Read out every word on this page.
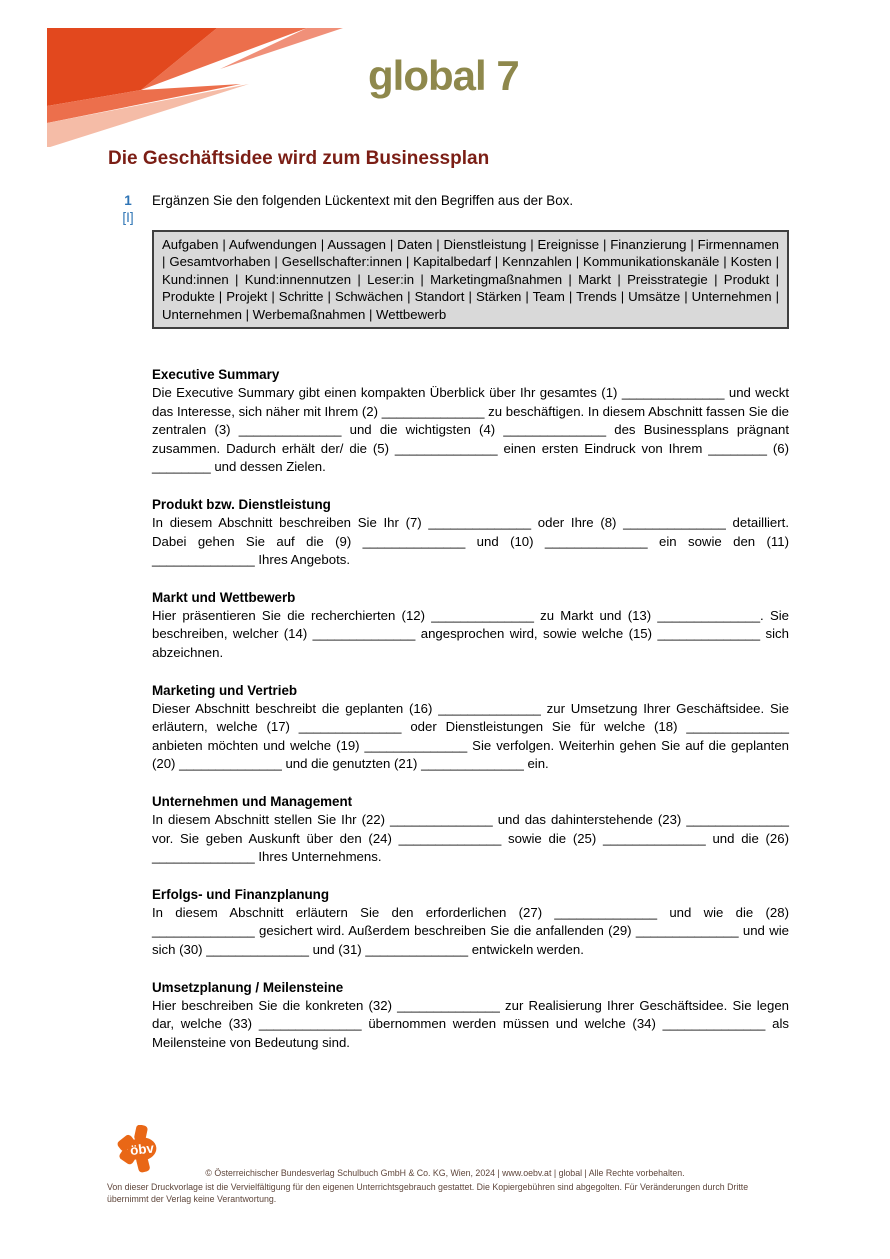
global 7
Die Geschäftsidee wird zum Businessplan
1
[I]
Ergänzen Sie den folgenden Lückentext mit den Begriffen aus der Box.
Aufgaben | Aufwendungen | Aussagen | Daten | Dienstleistung | Ereignisse | Finanzierung | Firmennamen | Gesamtvorhaben | Gesellschafter:innen | Kapitalbedarf | Kennzahlen | Kommunikationskanäle | Kosten | Kund:innen | Kund:innennutzen | Leser:in | Marketingmaßnahmen | Markt | Preisstrategie | Produkt | Produkte | Projekt | Schritte | Schwächen | Standort | Stärken | Team | Trends | Umsätze | Unternehmen | Unternehmen | Werbemaßnahmen | Wettbewerb
Executive Summary

Die Executive Summary gibt einen kompakten Überblick über Ihr gesamtes (1) ______________ und weckt das Interesse, sich näher mit Ihrem (2) ______________ zu beschäftigen. In diesem Abschnitt fassen Sie die zentralen (3) ______________ und die wichtigsten (4) ______________ des Businessplans prägnant zusammen. Dadurch erhält der/ die (5) ______________ einen ersten Eindruck von Ihrem ________ (6) ________ und dessen Zielen.

Produkt bzw. Dienstleistung

In diesem Abschnitt beschreiben Sie Ihr (7) ______________ oder Ihre (8) ______________ detailliert. Dabei gehen Sie auf die (9) ______________ und (10) ______________ ein sowie den (11) ______________ Ihres Angebots.

Markt und Wettbewerb

Hier präsentieren Sie die recherchierten (12) ______________ zu Markt und (13) ______________. Sie beschreiben, welcher (14) ______________ angesprochen wird, sowie welche (15) ______________ sich abzeichnen.

Marketing und Vertrieb

Dieser Abschnitt beschreibt die geplanten (16) ______________ zur Umsetzung Ihrer Geschäftsidee. Sie erläutern, welche (17) ______________ oder Dienstleistungen Sie für welche (18) ______________ anbieten möchten und welche (19) ______________ Sie verfolgen. Weiterhin gehen Sie auf die geplanten (20) ______________ und die genutzten (21) ______________ ein.

Unternehmen und Management

In diesem Abschnitt stellen Sie Ihr (22) ______________ und das dahinterstehende (23) ______________ vor. Sie geben Auskunft über den (24) ______________ sowie die (25) ______________ und die (26) ______________ Ihres Unternehmens.

Erfolgs- und Finanzplanung

In diesem Abschnitt erläutern Sie den erforderlichen (27) ______________ und wie die (28) ______________ gesichert wird. Außerdem beschreiben Sie die anfallenden (29) ______________ und wie sich (30) ______________ und (31) ______________ entwickeln werden.

Umsetzplanung / Meilensteine

Hier beschreiben Sie die konkreten (32) ______________ zur Realisierung Ihrer Geschäftsidee. Sie legen dar, welche (33) ______________ übernommen werden müssen und welche (34) ______________ als Meilensteine von Bedeutung sind.

öbv
© Österreichischer Bundesverlag Schulbuch GmbH & Co. KG, Wien, 2024 | www.oebv.at | global | Alle Rechte vorbehalten.
Von dieser Druckvorlage ist die Vervielfältigung für den eigenen Unterrichtsgebrauch gestattet. Die Kopiergebühren sind abgegolten. Für Veränderungen durch Dritte übernimmt der Verlag keine Verantwortung.
